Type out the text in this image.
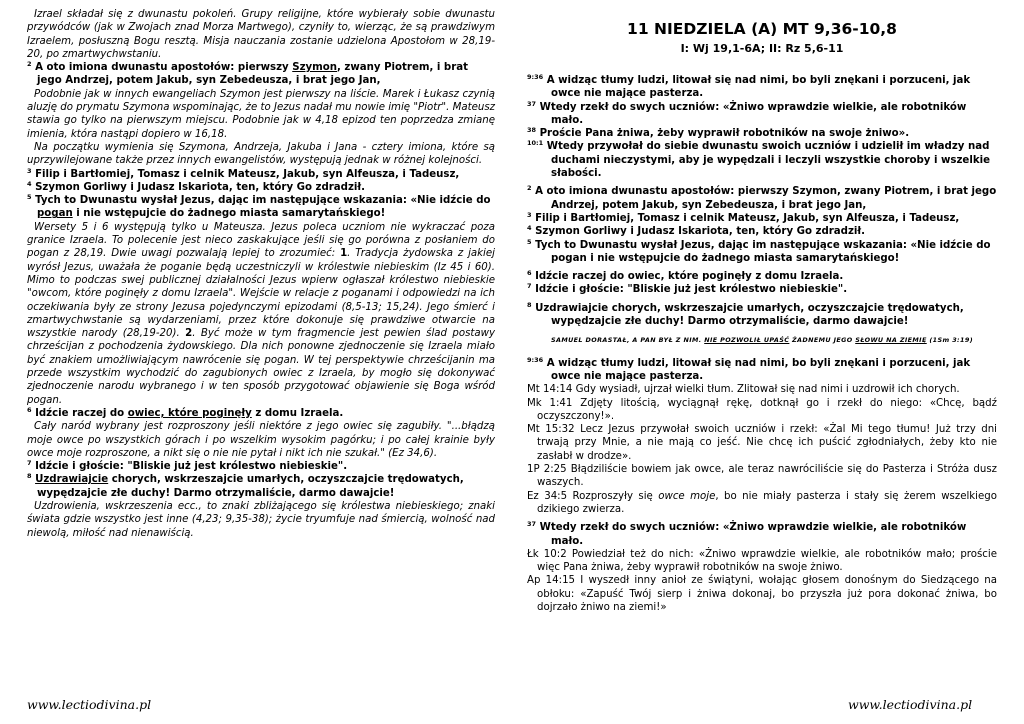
Izrael składał się z dwunastu pokoleń. Grupy religijne, które wybierały sobie dwunastu przywódców (jak w Zwojach znad Morza Martwego), czyniły to, wierząc, że są prawdziwym Izraelem, posłuszną Bogu resztą. Misja nauczania zostanie udzielona Apostołom w 28,19-20, po zmartwychwstaniu.
$^2$ A oto imiona dwunastu apostołów: pierwszy Szymon, zwany Piotrem, i brat jego Andrzej, potem Jakub, syn Zebedeusza, i brat jego Jan,
Podobnie jak w innych ewangeliach Szymon jest pierwszy na liście. Marek i Łukasz czynią aluzję do prymatu Szymona wspominając, że to Jezus nadał mu nowie imię "Piotr". Mateusz stawia go tylko na pierwszym miejscu. Podobnie jak w 4,18 epizod ten poprzedza zmianę imienia, która nastąpi dopiero w 16,18.
Na początku wymienia się Szymona, Andrzeja, Jakuba i Jana - cztery imiona, które są uprzywilejowane także przez innych ewangelistów, występują jednak w różnej kolejności.
$^3$ Filip i Bartłomiej, Tomasz i celnik Mateusz, Jakub, syn Alfeusza, i Tadeusz,
$^4$ Szymon Gorliwy i Judasz Iskariota, ten, który Go zdradził.
$^5$ Tych to Dwunastu wysłał Jezus, dając im następujące wskazania: «Nie idźcie do pogan i nie wstępujcie do żadnego miasta samarytańskiego!
Wersety 5 i 6 występują tylko u Mateusza. Jezus poleca uczniom nie wykraczać poza granice Izraela. To polecenie jest nieco zaskakujące jeśli się go porówna z posłaniem do pogan z 28,19. Dwie uwagi pozwalają lepiej to zrozumieć: 1. Tradycja żydowska z jakiej wyrósł Jezus, uważała że poganie będą uczestniczyli w królestwie niebieskim (Iz 45 i 60). Mimo to podczas swej publicznej działalności Jezus wpierw ogłaszał królestwo niebieskie "owcom, które poginęły z domu Izraela". Wejście w relacje z poganami i odpowiedzi na ich oczekiwania były ze strony Jezusa pojedynczymi epizodami (8,5-13; 15,24). Jego śmierć i zmartwychwstanie są wydarzeniami, przez które dokonuje się prawdziwe otwarcie na wszystkie narody (28,19-20). 2. Być może w tym fragmencie jest pewien ślad postawy chrześcijan z pochodzenia żydowskiego. Dla nich ponowne zjednoczenie się Izraela miało być znakiem umożliwiającym nawrócenie się pogan. W tej perspektywie chrześcijanin ma przede wszystkim wychodzić do zagubionych owiec z Izraela, by mogło się dokonywać zjednoczenie narodu wybranego i w ten sposób przygotować objawienie się Boga wśród pogan.
$^6$ Idźcie raczej do owiec, które poginęły z domu Izraela.
Cały naród wybrany jest rozproszony jeśli niektóre z jego owiec się zagubiły. "...błądzą moje owce po wszystkich górach i po wszelkim wysokim pagórku; i po całej krainie były owce moje rozproszone, a nikt się o nie nie pytał i nikt ich nie szukał." (Ez 34,6).
$^7$ Idźcie i głoście: "Bliskie już jest królestwo niebieskie".
$^8$ Uzdrawiajcie chorych, wskrzeszajcie umarłych, oczyszczajcie trędowatych, wypędzajcie złe duchy! Darmo otrzymaliście, darmo dawajcie!
Uzdrowienia, wskrzeszenia ecc., to znaki zbliżającego się królestwa niebieskiego; znaki świata gdzie wszystko jest inne (4,23; 9,35-38); życie tryumfuje nad śmiercią, wolność nad niewolą, miłość nad nienawiścią.
11 NIEDZIELA (A) MT 9,36-10,8
I: Wj 19,1-6A; II: Rz 5,6-11
$^{9:36}$ A widząc tłumy ludzi, litował się nad nimi, bo byli znękani i porzuceni, jak owce nie mające pasterza.
$^{37}$ Wtedy rzekł do swych uczniów: «Żniwo wprawdzie wielkie, ale robotników mało.
$^{38}$ Proście Pana żniwa, żeby wyprawił robotników na swoje żniwo».
$^{10:1}$ Wtedy przywołał do siebie dwunastu swoich uczniów i udzielił im władzy nad duchami nieczystymi, aby je wypędzali i leczyli wszystkie choroby i wszelkie słabości.
$^2$ A oto imiona dwunastu apostołów: pierwszy Szymon, zwany Piotrem, i brat jego Andrzej, potem Jakub, syn Zebedeusza, i brat jego Jan,
$^3$ Filip i Bartłomiej, Tomasz i celnik Mateusz, Jakub, syn Alfeusza, i Tadeusz,
$^4$ Szymon Gorliwy i Judasz Iskariota, ten, który Go zdradził.
$^5$ Tych to Dwunastu wysłał Jezus, dając im następujące wskazania: «Nie idźcie do pogan i nie wstępujcie do żadnego miasta samarytańskiego!
$^6$ Idźcie raczej do owiec, które poginęły z domu Izraela.
$^7$ Idźcie i głoście: "Bliskie już jest królestwo niebieskie".
$^8$ Uzdrawiajcie chorych, wskrzeszajcie umarłych, oczyszczajcie trędowatych, wypędzajcie złe duchy! Darmo otrzymaliście, darmo dawajcie!
SAMUEL DORASTAŁ, A PAN BYŁ Z NIM. NIE POZWOLIŁ UPAŚĆ ŻADNEMU JEGO SŁOWU NA ZIEMIĘ (1Sm 3:19)
$^{9:36}$ A widząc tłumy ludzi, litował się nad nimi, bo byli znękani i porzuceni, jak owce nie mające pasterza.
Mt 14:14 Gdy wysiadł, ujrzał wielki tłum. Zlitował się nad nimi i uzdrowił ich chorych.
Mk 1:41 Zdjęty litością, wyciągnął rękę, dotknął go i rzekł do niego: «Chcę, bądź oczyszczony!».
Mt 15:32 Lecz Jezus przywołał swoich uczniów i rzekł: «Żal Mi tego tłumu! Już trzy dni trwają przy Mnie, a nie mają co jeść. Nie chcę ich puścić zgłodniałych, żeby kto nie zasłabł w drodze».
1P 2:25 Błądziliście bowiem jak owce, ale teraz nawróciliście się do Pasterza i Stróża dusz waszych.
Ez 34:5 Rozproszyły się owce moje, bo nie miały pasterza i stały się żerem wszelkiego dzikiego zwierza.
$^{37}$ Wtedy rzekł do swych uczniów: «Żniwo wprawdzie wielkie, ale robotników mało.
Łk 10:2 Powiedział też do nich: «Żniwo wprawdzie wielkie, ale robotników mało; proście więc Pana żniwa, żeby wyprawił robotników na swoje żniwo.
Ap 14:15 I wyszedł inny anioł ze świątyni, wołając głosem donośnym do Siedzącego na obłoku: «Zapuść Twój sierp i żniwa dokonaj, bo przyszła już pora dokonać żniwa, bo dojrzało żniwo na ziemi!»
www.lectiodivina.pl	www.lectiodivina.pl
